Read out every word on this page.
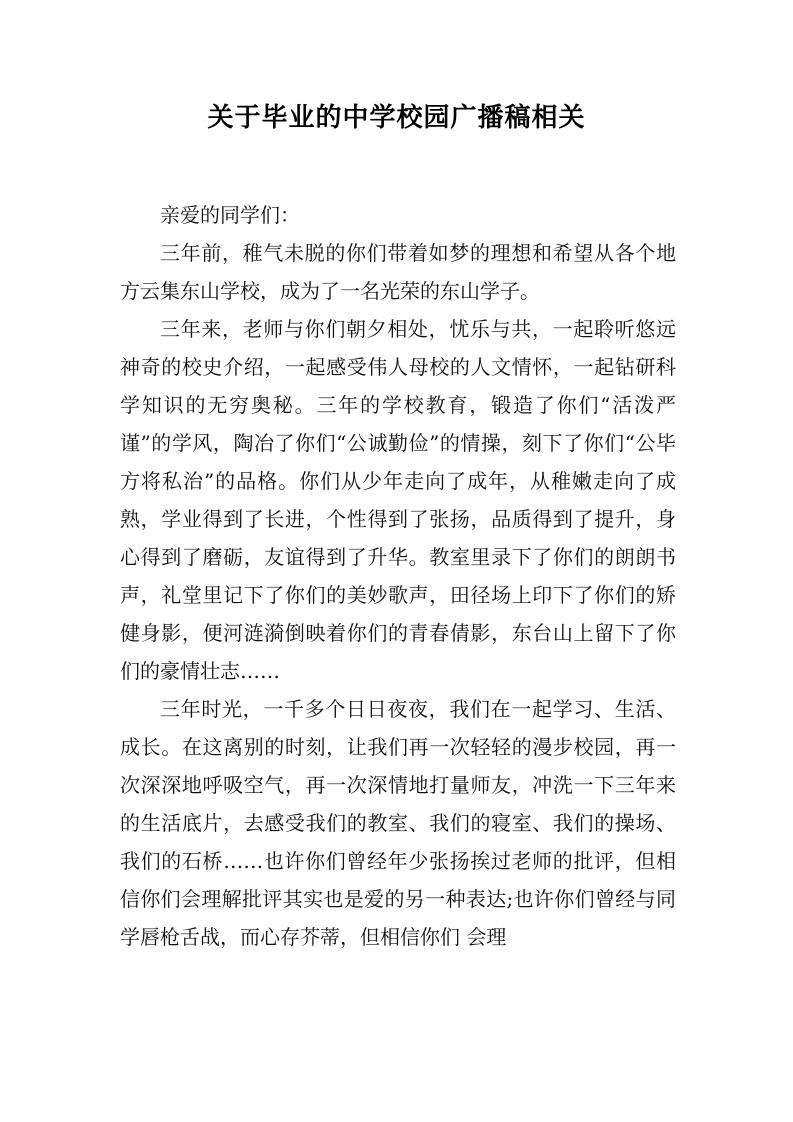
关于毕业的中学校园广播稿相关

亲爱的同学们：

三年前，稚气未脱的你们带着如梦的理想和希望从各个地方云集东山学校，成为了一名光荣的东山学子。

三年来，老师与你们朝夕相处，忧乐与共，一起聆听悠远神奇的校史介绍，一起感受伟人母校的人文情怀，一起钻研科学知识的无穷奥秘。三年的学校教育，锻造了你们“活泼严谨”的学风，陶冶了你们“公诚勤俭”的情操，刻下了你们“公毕方将私治”的品格。你们从少年走向了成年，从稚嫩走向了成熟，学业得到了长进，个性得到了张扬，品质得到了提升，身心得到了磨砺，友谊得到了升华。教室里录下了你们的朗朗书声，礼堂里记下了你们的美妙歌声，田径场上印下了你们的矫健身影，便河涟漪倒映着你们的青春倩影，东台山上留下了你们的豪情壮志……

三年时光，一千多个日日夜夜，我们在一起学习、生活、成长。在这离别的时刻，让我们再一次轻轻的漫步校园，再一次深深地呼吸空气，再一次深情地打量师友，冲洗一下三年来的生活底片，去感受我们的教室、我们的寝室、我们的操场、我们的石桥……也许你们曾经年少张扬挨过老师的批评，但相信你们会理解批评其实也是爱的另一种表达;也许你们曾经与同学唇枪舌战，而心存芥蒂，但相信你们 会理
